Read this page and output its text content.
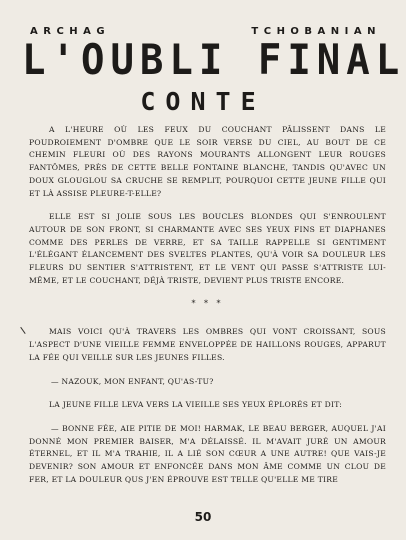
ARCHAG	TCHOBANIAN
L'OUBLI FINAL
CONTE

A L'HEURE OÙ LES FEUX DU COUCHANT PÂLISSENT DANS LE POUDROIEMENT D'OMBRE QUE LE SOIR VERSE DU CIEL, AU BOUT DE CE CHEMIN FLEURI OÙ DES RAYONS MOURANTS ALLONGENT LEUR ROUGES FANTÔMES, PRÈS DE CETTE BELLE FONTAINE BLANCHE, TANDIS QU'AVEC UN DOUX GLOUGLOU SA CRUCHE SE REMPLIT, POURQUOI CETTE JEUNE FILLE QUI ET LÀ ASSISE PLEURE-T-ELLE?

ELLE EST SI JOLIE SOUS LES BOUCLES BLONDES QUI S'ENROULENT AUTOUR DE SON FRONT, SI CHARMANTE AVEC SES YEUX FINS ET DIAPHANES COMME DES PERLES DE VERRE, ET SA TAILLE RAPPELLE SI GENTIMENT L'ÉLÉGANT ÉLANCEMENT DES SVELTES PLANTES, QU'À VOIR SA DOULEUR LES FLEURS DU SENTIER S'ATTRISTENT, ET LE VENT QUI PASSE S'ATTRISTE LUI-MÊME, ET LE COUCHANT, DÉJÀ TRISTE, DEVIENT PLUS TRISTE ENCORE.

* * *

MAIS VOICI QU'À TRAVERS LES OMBRES QUI VONT CROISSANT, SOUS L'ASPECT D'UNE VIEILLE FEMME ENVELOPPÉE DE HAILLONS ROUGES, APPARUT LA FÉE QUI VEILLE SUR LES JEUNES FILLES.

— NAZOUK, MON ENFANT, QU'AS-TU?

LA JEUNE FILLE LEVA VERS LA VIEILLE SES YEUX ÉPLORÉS ET DIT:

— BONNE FÉE, AIE PITIE DE MOI! HARMAK, LE BEAU BERGER, AUQUEL J'AI DONNÉ MON PREMIER BAISER, M'A DÉLAISSÉ. IL M'AVAIT JURÉ UN AMOUR ÉTERNEL, ET IL M'A TRAHIE, IL A LIÉ SON CŒUR A UNE AUTRE! QUE VAIS-JE DEVENIR? SON AMOUR ET ENFONCÉE DANS MON ÂME COMME UN CLOU DE FER, ET LA DOULEUR QUS J'EN ÉPROUVE EST TELLE QU'ELLE ME TIRE

50
